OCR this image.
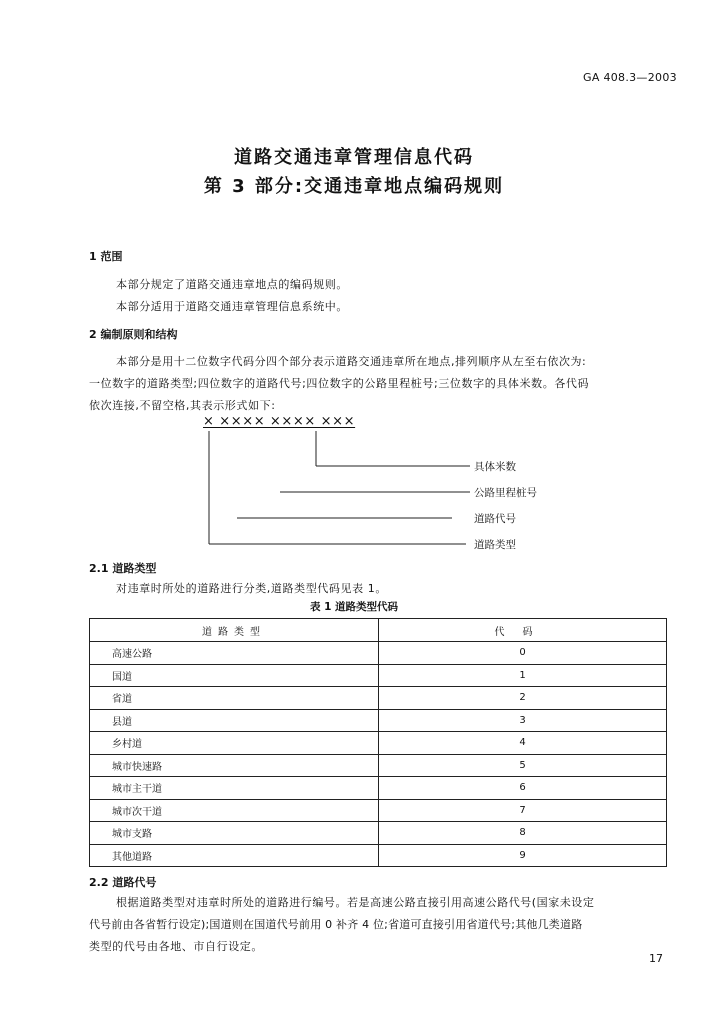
GA 408.3—2003
道路交通违章管理信息代码
第 3 部分:交通违章地点编码规则
1 范围
本部分规定了道路交通违章地点的编码规则。
本部分适用于道路交通违章管理信息系统中。
2 编制原则和结构
本部分是用十二位数字代码分四个部分表示道路交通违章所在地点,排列顺序从左至右依次为:
一位数字的道路类型;四位数字的道路代号;四位数字的公路里程桩号;三位数字的具体米数。各代码
依次连接,不留空格,其表示形式如下:
× ×××× ×××× ×××
具体米数
公路里程桩号
道路代号
道路类型
2.1 道路类型
对违章时所处的道路进行分类,道路类型代码见表 1。
表 1 道路类型代码
道路类型	代码
高速公路	0
国道	1
省道	2
县道	3
乡村道	4
城市快速路	5
城市主干道	6
城市次干道	7
城市支路	8
其他道路	9
2.2 道路代号
根据道路类型对违章时所处的道路进行编号。若是高速公路直接引用高速公路代号(国家未设定
代号前由各省暂行设定);国道则在国道代号前用 0 补齐 4 位;省道可直接引用省道代号;其他几类道路
类型的代号由各地、市自行设定。
17
